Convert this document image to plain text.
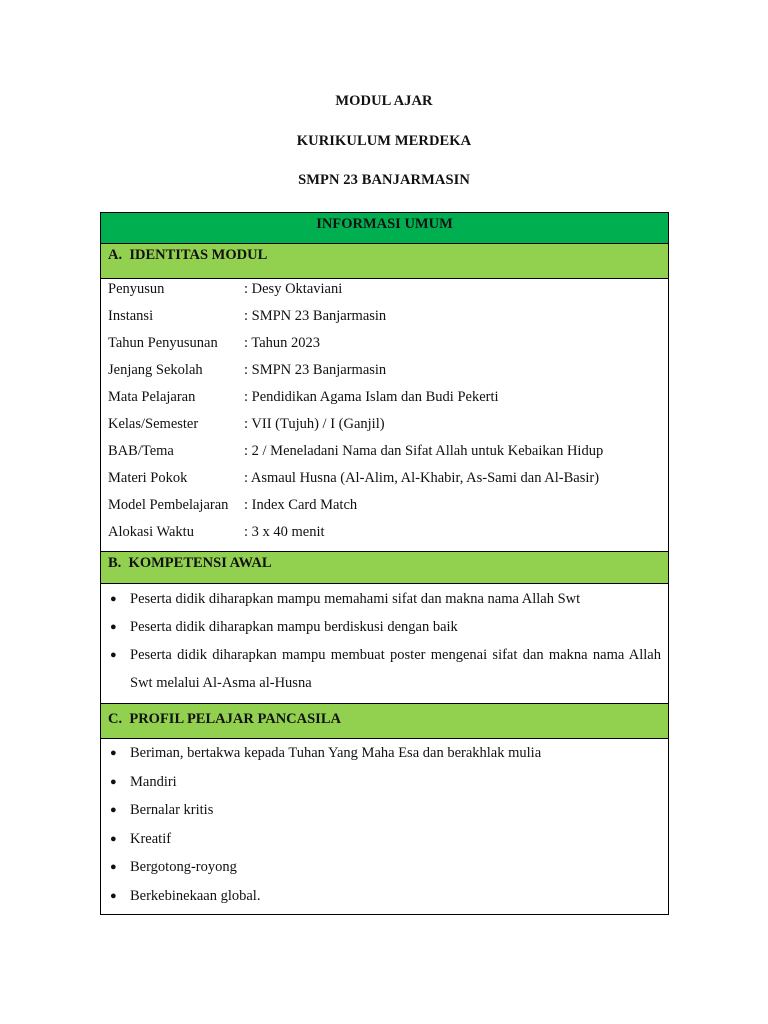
MODUL AJAR
KURIKULUM MERDEKA
SMPN 23 BANJARMASIN
INFORMASI UMUM
A.  IDENTITAS MODUL
Penyusun	: Desy Oktaviani
Instansi	: SMPN 23 Banjarmasin
Tahun Penyusunan	: Tahun 2023
Jenjang Sekolah	: SMPN 23 Banjarmasin
Mata Pelajaran	: Pendidikan Agama Islam dan Budi Pekerti
Kelas/Semester	: VII (Tujuh) / I (Ganjil)
BAB/Tema	: 2 / Meneladani Nama dan Sifat Allah untuk Kebaikan Hidup
Materi Pokok	: Asmaul Husna (Al-Alim, Al-Khabir, As-Sami dan Al-Basir)
Model Pembelajaran	: Index Card Match
Alokasi Waktu	: 3 x 40 menit
B.  KOMPETENSI AWAL
● Peserta didik diharapkan mampu memahami sifat dan makna nama Allah Swt
● Peserta didik diharapkan mampu berdiskusi dengan baik
● Peserta didik diharapkan mampu membuat poster mengenai sifat dan makna nama Allah Swt melalui Al-Asma al-Husna
C.  PROFIL PELAJAR PANCASILA
● Beriman, bertakwa kepada Tuhan Yang Maha Esa dan berakhlak mulia
● Mandiri
● Bernalar kritis
● Kreatif
● Bergotong-royong
● Berkebinekaan global.
